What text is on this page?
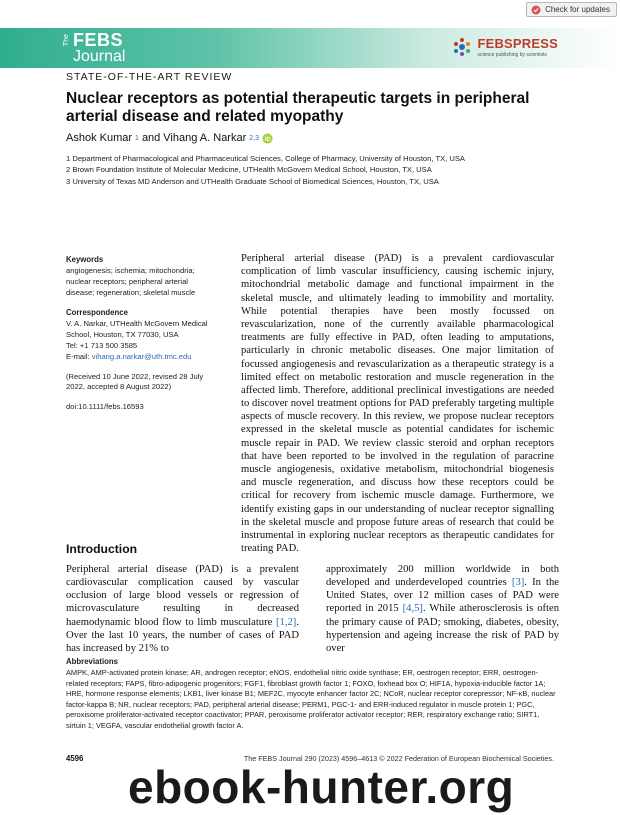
Check for updates
The FEBS
Journal
FEBSPRESS
science publishing by scientists
STATE-OF-THE-ART REVIEW
Nuclear receptors as potential therapeutic targets in peripheral arterial disease and related myopathy
Ashok Kumar 1 and Vihang A. Narkar 2,3
1 Department of Pharmacological and Pharmaceutical Sciences, College of Pharmacy, University of Houston, TX, USA
2 Brown Foundation Institute of Molecular Medicine, UTHealth McGovern Medical School, Houston, TX, USA
3 University of Texas MD Anderson and UTHealth Graduate School of Biomedical Sciences, Houston, TX, USA
Keywords
angiogenesis; ischemia; mitochondria; nuclear receptors; peripheral arterial disease; regeneration; skeletal muscle
Correspondence
V. A. Narkar, UTHealth McGovern Medical School, Houston, TX 77030, USA
Tel: +1 713 500 3585
E-mail: vihang.a.narkar@uth.tmc.edu
(Received 10 June 2022, revised 28 July 2022, accepted 8 August 2022)
doi:10.1111/febs.16593

Peripheral arterial disease (PAD) is a prevalent cardiovascular complication of limb vascular insufficiency, causing ischemic injury, mitochondrial metabolic damage and functional impairment in the skeletal muscle, and ultimately leading to immobility and mortality. While potential therapies have been mostly focussed on revascularization, none of the currently available pharmacological treatments are fully effective in PAD, often leading to amputations, particularly in chronic metabolic diseases. One major limitation of focussed angiogenesis and revascularization as a therapeutic strategy is a limited effect on metabolic restoration and muscle regeneration in the affected limb. Therefore, additional preclinical investigations are needed to discover novel treatment options for PAD preferably targeting multiple aspects of muscle recovery. In this review, we propose nuclear receptors expressed in the skeletal muscle as potential candidates for ischemic muscle repair in PAD. We review classic steroid and orphan receptors that have been reported to be involved in the regulation of paracrine muscle angiogenesis, oxidative metabolism, mitochondrial biogenesis and muscle regeneration, and discuss how these receptors could be critical for recovery from ischemic muscle damage. Furthermore, we identify existing gaps in our understanding of nuclear receptor signalling in the skeletal muscle and propose future areas of research that could be instrumental in exploring nuclear receptors as therapeutic candidates for treating PAD.

Introduction

Peripheral arterial disease (PAD) is a prevalent cardiovascular complication caused by vascular occlusion of large blood vessels or regression of microvasculature resulting in decreased haemodynamic blood flow to limb musculature [1,2]. Over the last 10 years, the number of cases of PAD has increased by 21% to

approximately 200 million worldwide in both developed and underdeveloped countries [3]. In the United States, over 12 million cases of PAD were reported in 2015 [4,5]. While atherosclerosis is often the primary cause of PAD; smoking, diabetes, obesity, hypertension and ageing increase the risk of PAD by over

Abbreviations
AMPK, AMP-activated protein kinase; AR, androgen receptor; eNOS, endothelial nitric oxide synthase; ER, oestrogen receptor; ERR, oestrogen-related receptors; FAPS, fibro-adipogenic progenitors; FGF1, fibroblast growth factor 1; FOXO, foxhead box O; HIF1A, hypoxia-inducible factor 1A; HRE, hormone response elements; LKB1, liver kinase B1; MEF2C, myocyte enhancer factor 2C; NCoR, nuclear receptor corepressor; NF-κB, nuclear factor-kappa B; NR, nuclear receptors; PAD, peripheral arterial disease; PERM1, PGC-1- and ERR-induced regulator in muscle protein 1; PGC, peroxisome proliferator-activated receptor coactivator; PPAR, peroxisome proliferator activator receptor; RER, respiratory exchange ratio; SIRT1, sirtuin 1; VEGFA, vascular endothelial growth factor A.
4596	The FEBS Journal 290 (2023) 4596–4613 © 2022 Federation of European Biochemical Societies.
ebook-hunter.org
